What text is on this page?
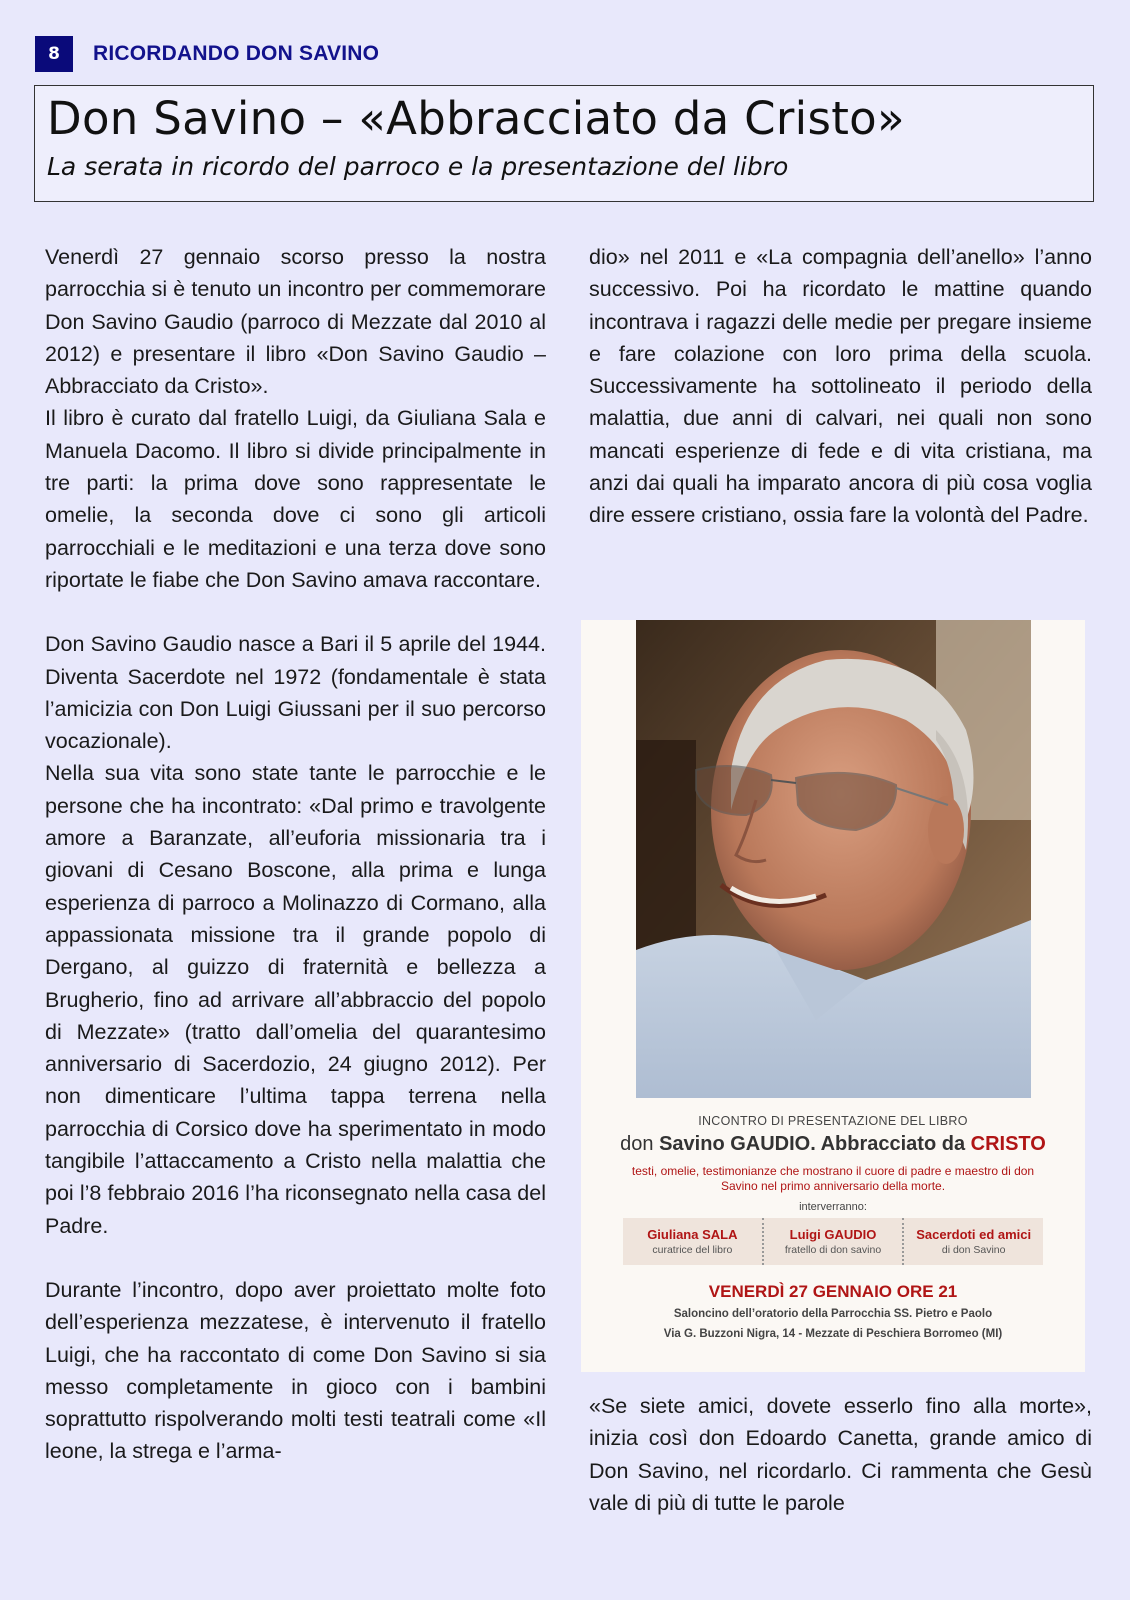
8	RICORDANDO DON SAVINO
Don Savino – «Abbracciato da Cristo»
La serata in ricordo del parroco e la presentazione del libro

Venerdì 27 gennaio scorso presso la nostra parrocchia si è tenuto un incontro per commemorare Don Savino Gaudio (parroco di Mezzate dal 2010 al 2012) e presentare il libro «Don Savino Gaudio – Abbracciato da Cristo».

Il libro è curato dal fratello Luigi, da Giuliana Sala e Manuela Dacomo. Il libro si divide principalmente in tre parti: la prima dove sono rappresentate le omelie, la seconda dove ci sono gli articoli parrocchiali e le meditazioni e una terza dove sono riportate le fiabe che Don Savino amava raccontare.

Don Savino Gaudio nasce a Bari il 5 aprile del 1944. Diventa Sacerdote nel 1972 (fondamentale è stata l’amicizia con Don Luigi Giussani per il suo percorso vocazionale).

Nella sua vita sono state tante le parrocchie e le persone che ha incontrato: «Dal primo e travolgente amore a Baranzate, all’euforia missionaria tra i giovani di Cesano Boscone, alla prima e lunga esperienza di parroco a Molinazzo di Cormano, alla appassionata missione tra il grande popolo di Dergano, al guizzo di fraternità e bellezza a Brugherio, fino ad arrivare all’abbraccio del popolo di Mezzate» (tratto dall’omelia del quarantesimo anniversario di Sacerdozio, 24 giugno 2012). Per non dimenticare l’ultima tappa terrena nella parrocchia di Corsico dove ha sperimentato in modo tangibile l’attaccamento a Cristo nella malattia che poi l’8 febbraio 2016 l’ha riconsegnato nella casa del Padre.

Durante l’incontro, dopo aver proiettato molte foto dell’esperienza mezzatese, è intervenuto il fratello Luigi, che ha raccontato di come Don Savino si sia messo completamente in gioco con i bambini soprattutto rispolverando molti testi teatrali come «Il leone, la strega e l’arma-

dio» nel 2011 e «La compagnia dell’anello» l’anno successivo. Poi ha ricordato le mattine quando incontrava i ragazzi delle medie per pregare insieme e fare colazione con loro prima della scuola. Successivamente ha sottolineato il periodo della malattia, due anni di calvari, nei quali non sono mancati esperienze di fede e di vita cristiana, ma anzi dai quali ha imparato ancora di più cosa voglia dire essere cristiano, ossia fare la volontà del Padre.

INCONTRO DI PRESENTAZIONE DEL LIBRO
don Savino GAUDIO. Abbracciato da CRISTO
testi, omelie, testimonianze che mostrano il cuore di padre e maestro di don Savino nel primo anniversario della morte.
interverranno:
Giuliana SALA
curatrice del libro
Luigi GAUDIO
fratello di don savino
Sacerdoti ed amici
di don Savino
VENERDÌ 27 GENNAIO ORE 21
Saloncino dell’oratorio della Parrocchia SS. Pietro e Paolo
Via G. Buzzoni Nigra, 14 - Mezzate di Peschiera Borromeo (MI)

«Se siete amici, dovete esserlo fino alla morte», inizia così don Edoardo Canetta, grande amico di Don Savino, nel ricordarlo. Ci rammenta che Gesù vale di più di tutte le parole
